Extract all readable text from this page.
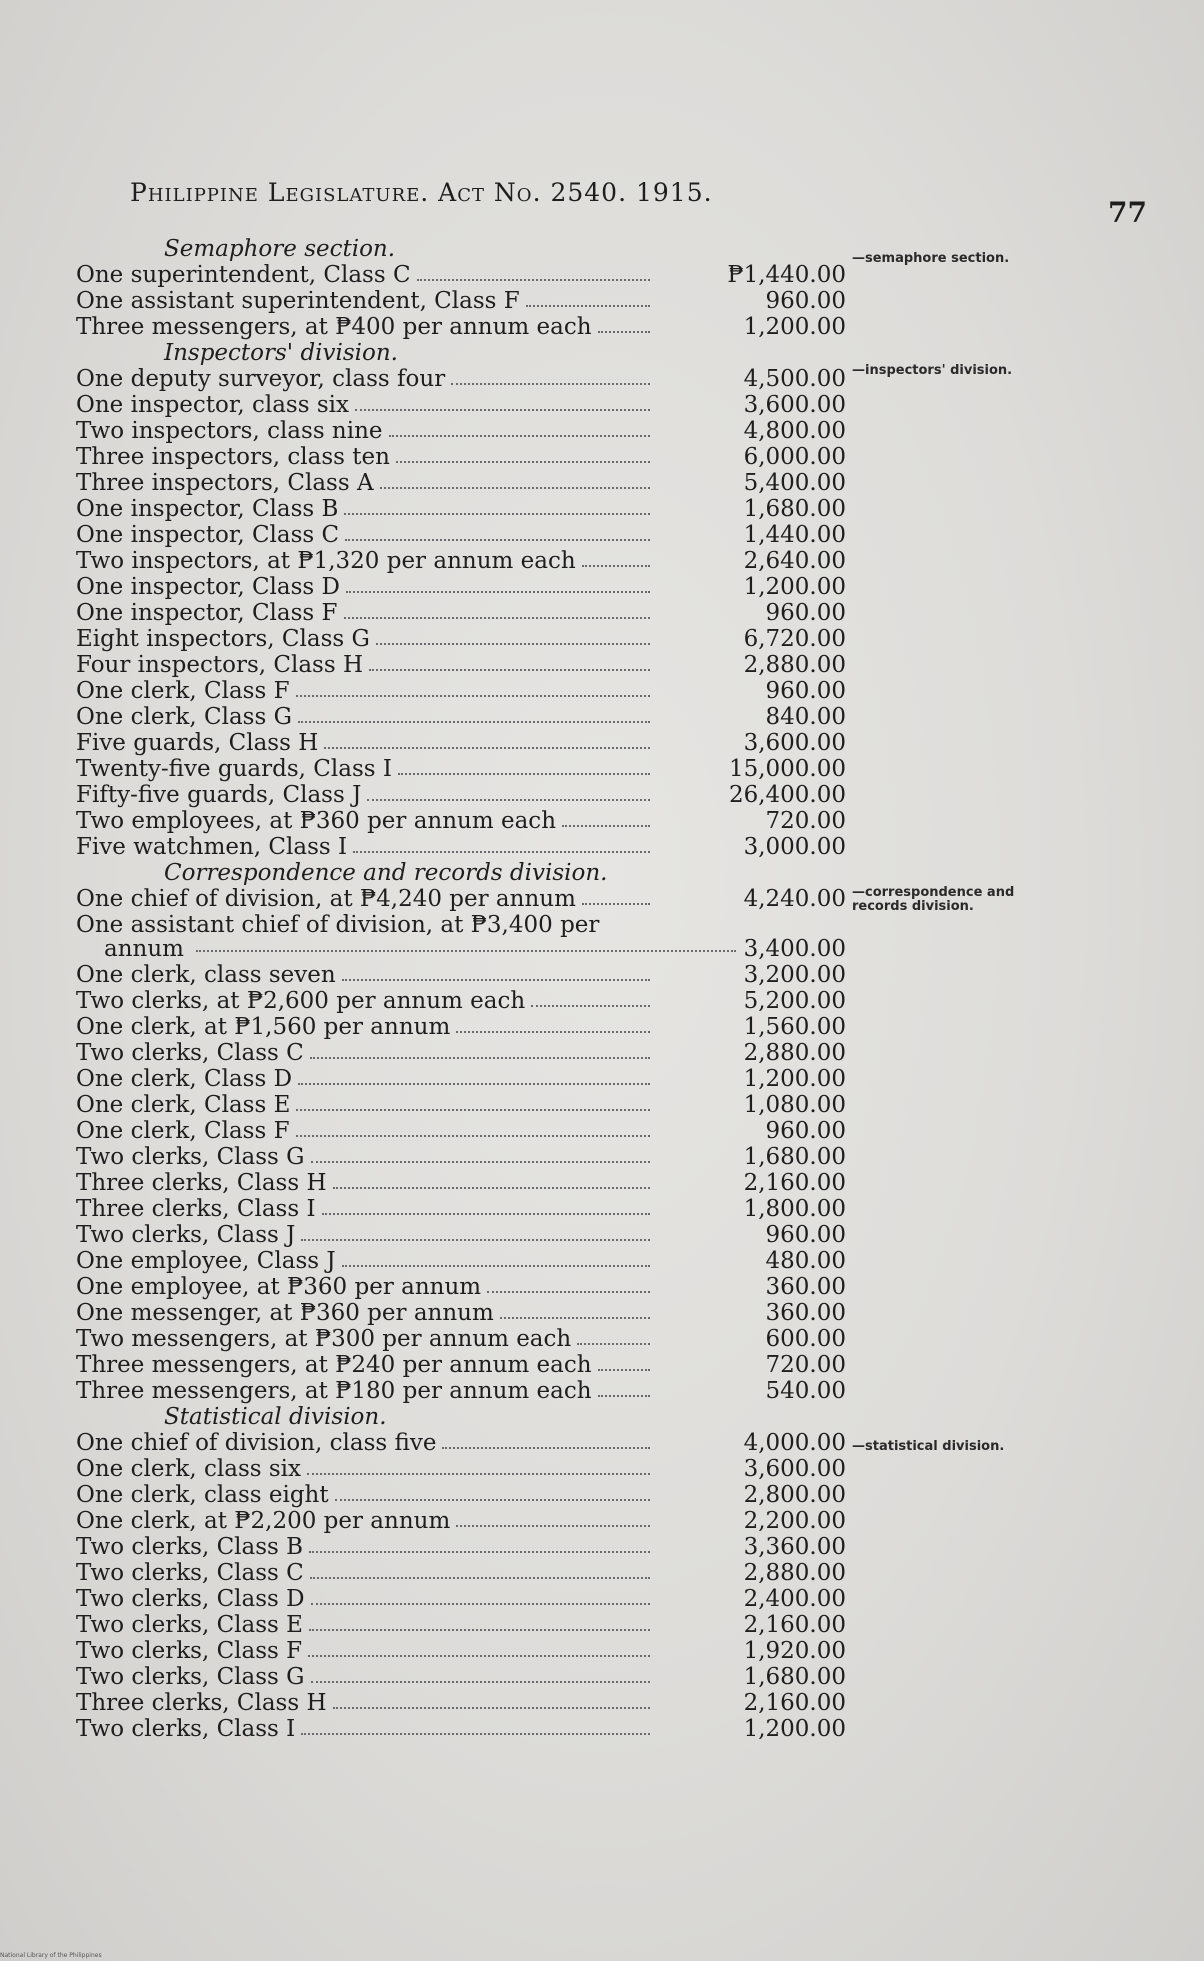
Philippine Legislature. Act No. 2540. 1915.
77
Semaphore section.
One superintendent, Class C	₱1,440.00
One assistant superintendent, Class F	960.00
Three messengers, at ₱400 per annum each	1,200.00
Inspectors' division.
One deputy surveyor, class four	4,500.00
One inspector, class six	3,600.00
Two inspectors, class nine	4,800.00
Three inspectors, class ten	6,000.00
Three inspectors, Class A	5,400.00
One inspector, Class B	1,680.00
One inspector, Class C	1,440.00
Two inspectors, at ₱1,320 per annum each	2,640.00
One inspector, Class D	1,200.00
One inspector, Class F	960.00
Eight inspectors, Class G	6,720.00
Four inspectors, Class H	2,880.00
One clerk, Class F	960.00
One clerk, Class G	840.00
Five guards, Class H	3,600.00
Twenty-five guards, Class I	15,000.00
Fifty-five guards, Class J	26,400.00
Two employees, at ₱360 per annum each	720.00
Five watchmen, Class I	3,000.00
Correspondence and records division.
One chief of division, at ₱4,240 per annum	4,240.00
One assistant chief of division, at ₱3,400 per
annum	3,400.00
One clerk, class seven	3,200.00
Two clerks, at ₱2,600 per annum each	5,200.00
One clerk, at ₱1,560 per annum	1,560.00
Two clerks, Class C	2,880.00
One clerk, Class D	1,200.00
One clerk, Class E	1,080.00
One clerk, Class F	960.00
Two clerks, Class G	1,680.00
Three clerks, Class H	2,160.00
Three clerks, Class I	1,800.00
Two clerks, Class J	960.00
One employee, Class J	480.00
One employee, at ₱360 per annum	360.00
One messenger, at ₱360 per annum	360.00
Two messengers, at ₱300 per annum each	600.00
Three messengers, at ₱240 per annum each	720.00
Three messengers, at ₱180 per annum each	540.00
Statistical division.
One chief of division, class five	4,000.00
One clerk, class six	3,600.00
One clerk, class eight	2,800.00
One clerk, at ₱2,200 per annum	2,200.00
Two clerks, Class B	3,360.00
Two clerks, Class C	2,880.00
Two clerks, Class D	2,400.00
Two clerks, Class E	2,160.00
Two clerks, Class F	1,920.00
Two clerks, Class G	1,680.00
Three clerks, Class H	2,160.00
Two clerks, Class I	1,200.00
—semaphore section.
—inspectors' division.
—correspondence and records division.
—statistical division.
National Library of the Philippines
